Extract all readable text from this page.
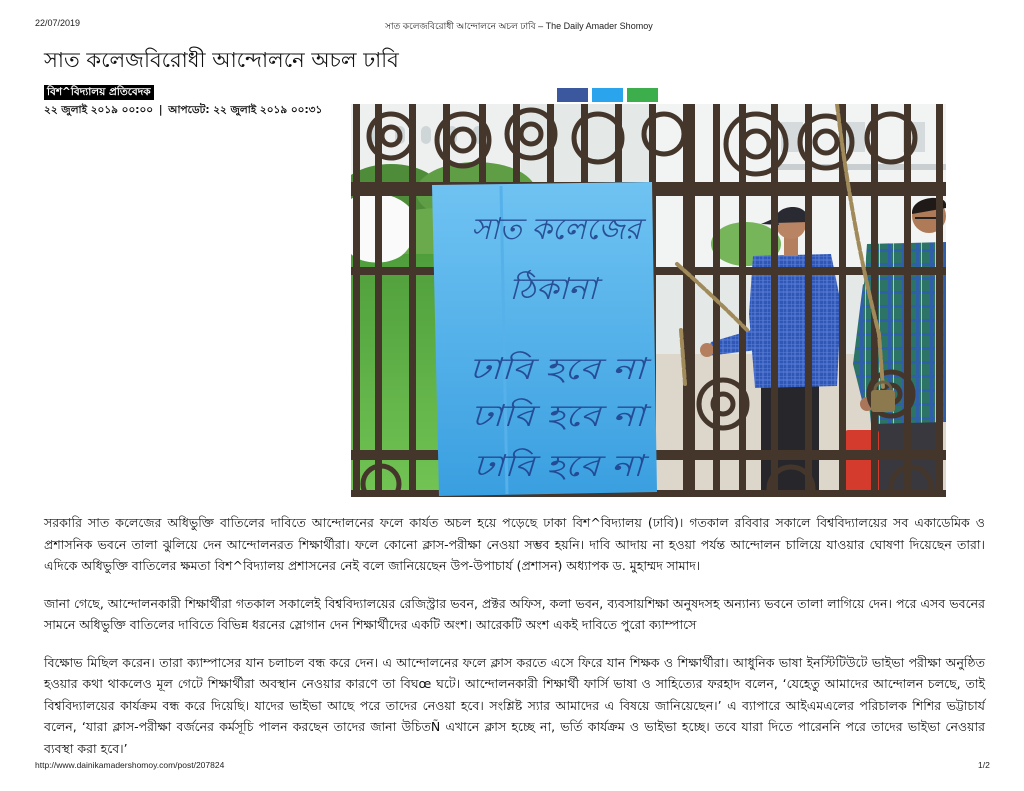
22/07/2019	সাত কলেজবিরোধী আন্দোলনে অচল ঢাবি – The Daily Amader Shomoy
সাত কলেজবিরোধী আন্দোলনে অচল ঢাবি
বিশ^বিদ্যালয় প্রতিবেদক
২২ জুলাই ২০১৯ ০০:০০ | আপডেট: ২২ জুলাই ২০১৯ ০০:৩১
সাত কলেজের
ঠিকানা
ঢাবি হবে না
ঢাবি হবে না
ঢাবি হবে না

সরকারি সাত কলেজের অধিভুক্তি বাতিলের দাবিতে আন্দোলনের ফলে কার্যত অচল হয়ে পড়েছে ঢাকা বিশ^বিদ্যালয় (ঢাবি)। গতকাল রবিবার সকালে বিশ্ববিদ্যালয়ের সব একাডেমিক ও প্রশাসনিক ভবনে তালা ঝুলিয়ে দেন আন্দোলনরত শিক্ষার্থীরা। ফলে কোনো ক্লাস-পরীক্ষা নেওয়া সম্ভব হয়নি। দাবি আদায় না হওয়া পর্যন্ত আন্দোলন চালিয়ে যাওয়ার ঘোষণা দিয়েছেন তারা। এদিকে অধিভুক্তি বাতিলের ক্ষমতা বিশ^বিদ্যালয় প্রশাসনের নেই বলে জানিয়েছেন উপ-উপাচার্য (প্রশাসন) অধ্যাপক ড. মুহাম্মদ সামাদ।

জানা গেছে, আন্দোলনকারী শিক্ষার্থীরা গতকাল সকালেই বিশ্ববিদ্যালয়ের রেজিস্ট্রার ভবন, প্রক্টর অফিস, কলা ভবন, ব্যবসায়শিক্ষা অনুষদসহ অন্যান্য ভবনে তালা লাগিয়ে দেন। পরে এসব ভবনের সামনে অধিভুক্তি বাতিলের দাবিতে বিভিন্ন ধরনের স্লোগান দেন শিক্ষার্থীদের একটি অংশ। আরেকটি অংশ একই দাবিতে পুরো ক্যাম্পাসে

বিক্ষোভ মিছিল করেন। তারা ক্যাম্পাসের যান চলাচল বন্ধ করে দেন। এ আন্দোলনের ফলে ক্লাস করতে এসে ফিরে যান শিক্ষক ও শিক্ষার্থীরা। আধুনিক ভাষা ইনস্টিটিউটে ভাইভা পরীক্ষা অনুষ্ঠিত হওয়ার কথা থাকলেও মূল গেটে শিক্ষার্থীরা অবস্থান নেওয়ার কারণে তা বিঘœ ঘটে। আন্দোলনকারী শিক্ষার্থী ফার্সি ভাষা ও সাহিত্যের ফরহাদ বলেন, ‘যেহেতু আমাদের আন্দোলন চলছে, তাই বিশ্ববিদ্যালয়ের কার্যক্রম বন্ধ করে দিয়েছি। যাদের ভাইভা আছে পরে তাদের নেওয়া হবে। সংশ্লিষ্ট স্যার আমাদের এ বিষয়ে জানিয়েছেন।’ এ ব্যাপারে আইএমএলের পরিচালক শিশির ভট্টাচার্য বলেন, ‘যারা ক্লাস-পরীক্ষা বর্জনের কর্মসূচি পালন করছেন তাদের জানা উচিতÑ এখানে ক্লাস হচ্ছে না, ভর্তি কার্যক্রম ও ভাইভা হচ্ছে। তবে যারা দিতে পারেননি পরে তাদের ভাইভা নেওয়ার ব্যবস্থা করা হবে।’

http://www.dainikamadershomoy.com/post/207824	1/2
